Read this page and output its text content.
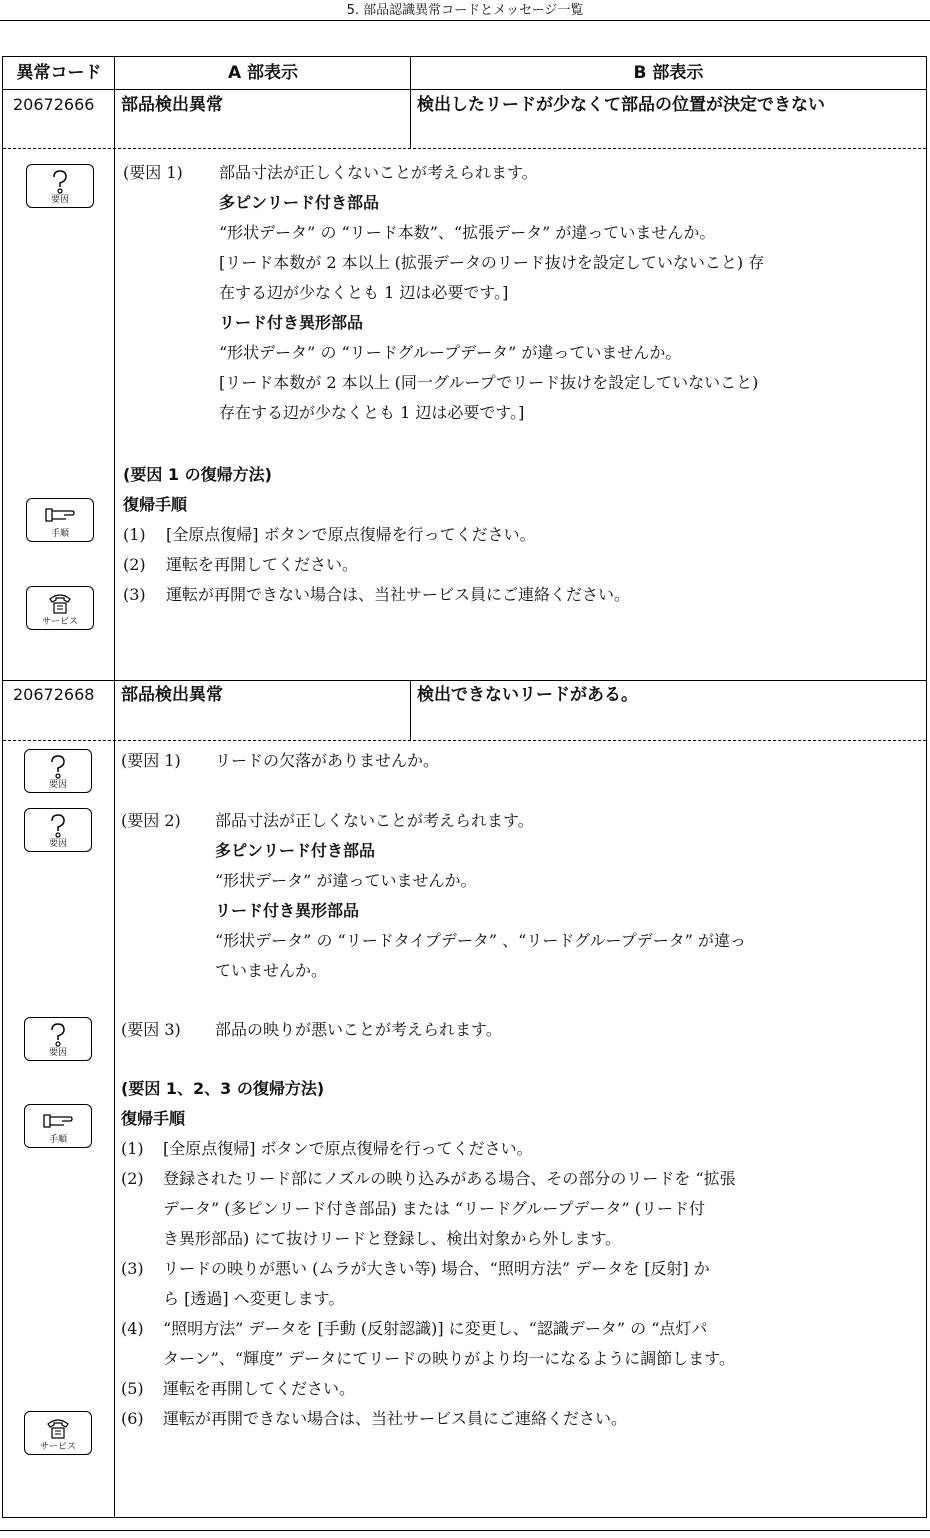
5. 部品認識異常コードとメッセージ一覧
異常コード	A 部表示	B 部表示
20672666	部品検出異常	検出したリードが少なくて部品の位置が決定できない
要因
(要因 1) 部品寸法が正しくないことが考えられます。
多ピンリード付き部品
“形状データ” の “リード本数”、“拡張データ” が違っていませんか。
[リード本数が 2 本以上 (拡張データのリード抜けを設定していないこと) 存
在する辺が少なくとも 1 辺は必要です。]
リード付き異形部品
“形状データ” の “リードグループデータ” が違っていませんか。
[リード本数が 2 本以上 (同一グループでリード抜けを設定していないこと)
存在する辺が少なくとも 1 辺は必要です。]
(要因 1 の復帰方法)
手順
復帰手順
(1) [全原点復帰] ボタンで原点復帰を行ってください。
(2) 運転を再開してください。
(3) 運転が再開できない場合は、当社サービス員にご連絡ください。
サービス
20672668	部品検出異常	検出できないリードがある。
要因
(要因 1) リードの欠落がありませんか。
要因
(要因 2) 部品寸法が正しくないことが考えられます。
多ピンリード付き部品
“形状データ” が違っていませんか。
リード付き異形部品
“形状データ” の “リードタイプデータ” 、“リードグループデータ” が違っ
ていませんか。
要因
(要因 3) 部品の映りが悪いことが考えられます。
(要因 1、2、3 の復帰方法)
手順
復帰手順
(1) [全原点復帰] ボタンで原点復帰を行ってください。
(2) 登録されたリード部にノズルの映り込みがある場合、その部分のリードを “拡張
データ” (多ピンリード付き部品) または “リードグループデータ” (リード付
き異形部品) にて抜けリードと登録し、検出対象から外します。
(3) リードの映りが悪い (ムラが大きい等) 場合、“照明方法” データを [反射] か
ら [透過] へ変更します。
(4) “照明方法” データを [手動 (反射認識)] に変更し、“認識データ” の “点灯パ
ターン”、“輝度” データにてリードの映りがより均一になるように調節します。
(5) 運転を再開してください。
(6) 運転が再開できない場合は、当社サービス員にご連絡ください。
サービス
